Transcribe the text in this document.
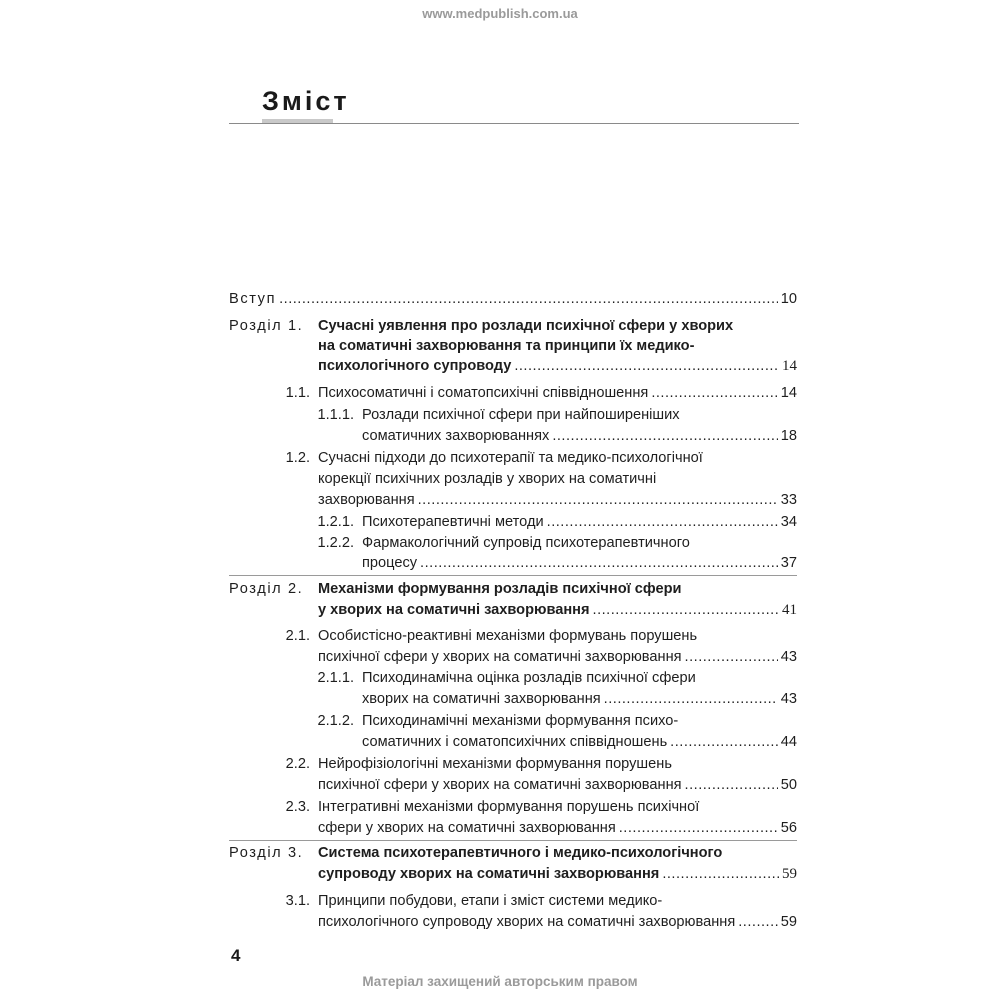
www.medpublish.com.ua
Зміст
Вступ .....	10
Розділ 1. Сучасні уявлення про розлади психічної сфери у хворих
на соматичні захворювання та принципи їх медико-
психологічного супроводу .....	14
1.1. Психосоматичні і соматопсихічні співвідношення .....	14
1.1.1. Розлади психічної сфери при найпоширеніших
соматичних захворюваннях .....	18
1.2. Сучасні підходи до психотерапії та медико-психологічної
корекції психічних розладів у хворих на соматичні
захворювання .....	33
1.2.1. Психотерапевтичні методи .....	34
1.2.2. Фармакологічний супровід психотерапевтичного
процесу .....	37
Розділ 2. Механізми формування розладів психічної сфери
у хворих на соматичні захворювання .....	41
2.1. Особистісно-реактивні механізми формувань порушень
психічної сфери у хворих на соматичні захворювання .....	43
2.1.1. Психодинамічна оцінка розладів психічної сфери
хворих на соматичні захворювання .....	43
2.1.2. Психодинамічні механізми формування психо-
соматичних і соматопсихічних співвідношень .....	44
2.2. Нейрофізіологічні механізми формування порушень
психічної сфери у хворих на соматичні захворювання .....	50
2.3. Інтегративні механізми формування порушень психічної
сфери у хворих на соматичні захворювання .....	56
Розділ 3. Система психотерапевтичного і медико-психологічного
супроводу хворих на соматичні захворювання .....	59
3.1. Принципи побудови, етапи і зміст системи медико-
психологічного супроводу хворих на соматичні захворювання .....	59
4
Матеріал захищений авторським правом
